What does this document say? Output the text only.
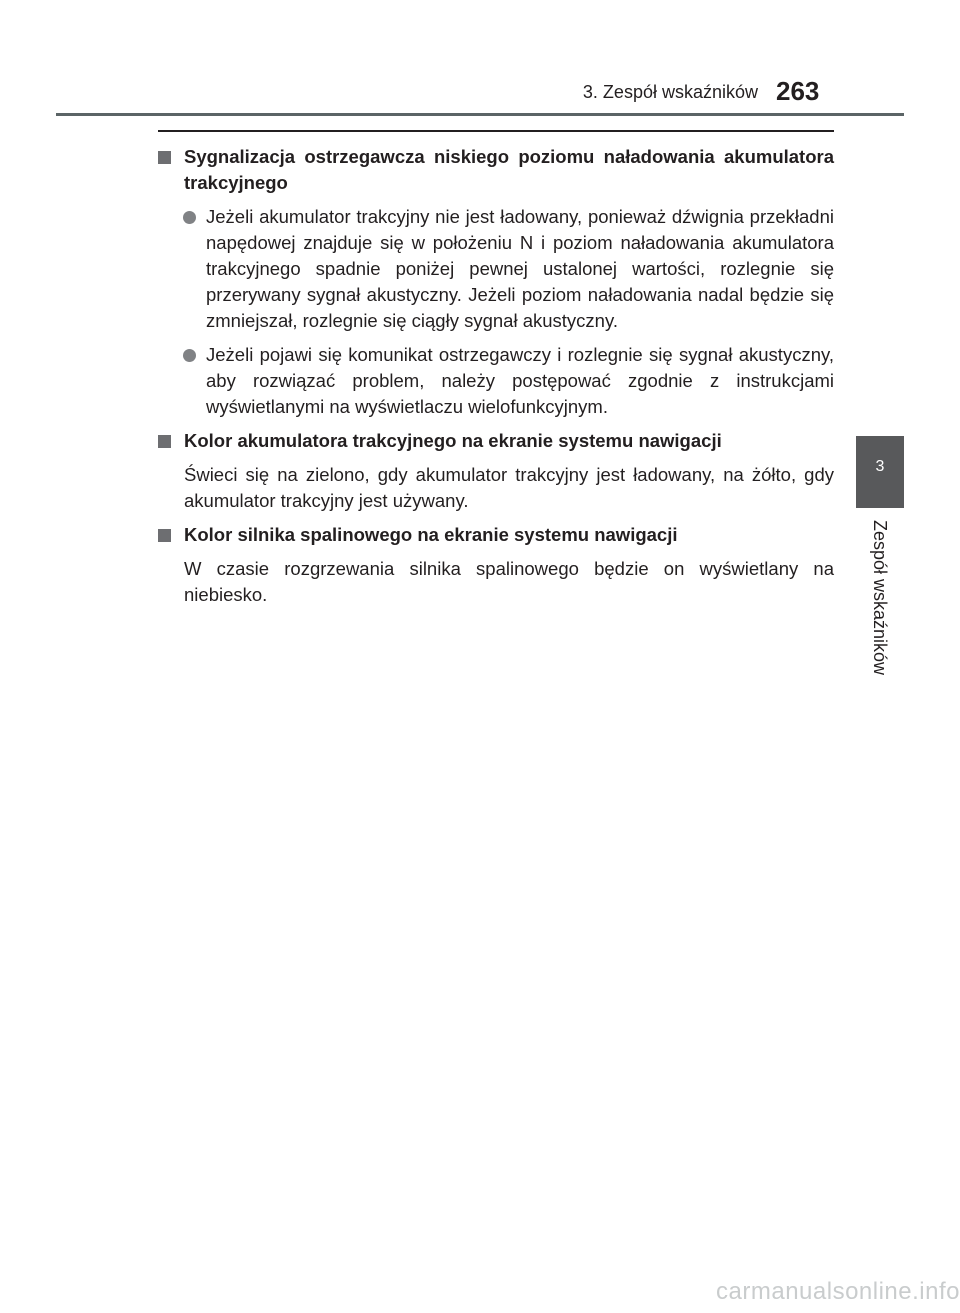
3. Zespół wskaźników 263
3
Zespół wskaźników
Sygnalizacja ostrzegawcza niskiego poziomu naładowania akumulatora trakcyjnego
Jeżeli akumulator trakcyjny nie jest ładowany, ponieważ dźwignia przekładni napędowej znajduje się w położeniu N i poziom naładowania akumulatora trakcyjnego spadnie poniżej pewnej ustalonej wartości, rozlegnie się przerywany sygnał akustyczny. Jeżeli poziom naładowania nadal będzie się zmniejszał, rozlegnie się ciągły sygnał akustyczny.
Jeżeli pojawi się komunikat ostrzegawczy i rozlegnie się sygnał akustyczny, aby rozwiązać problem, należy postępować zgodnie z instrukcjami wyświetlanymi na wyświetlaczu wielofunkcyjnym.
Kolor akumulatora trakcyjnego na ekranie systemu nawigacji
Świeci się na zielono, gdy akumulator trakcyjny jest ładowany, na żółto, gdy akumulator trakcyjny jest używany.
Kolor silnika spalinowego na ekranie systemu nawigacji
W czasie rozgrzewania silnika spalinowego będzie on wyświetlany na niebiesko.
carmanualsonline.info
